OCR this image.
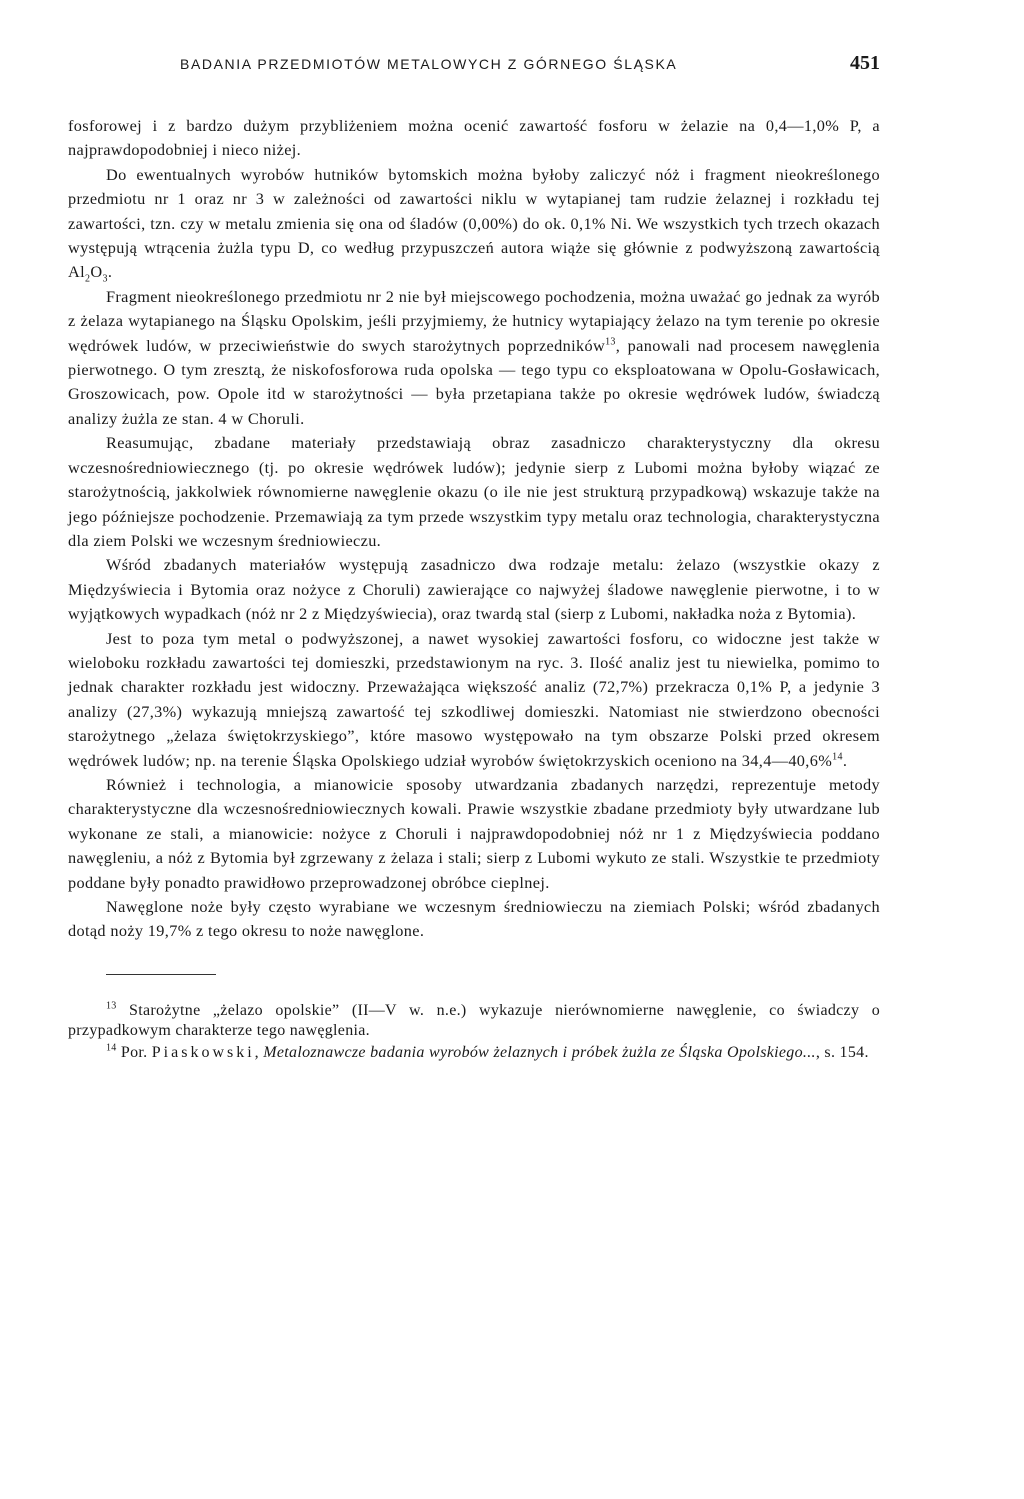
BADANIA PRZEDMIOTÓW METALOWYCH Z GÓRNEGO ŚLĄSKA	451

fosforowej i z bardzo dużym przybliżeniem można ocenić zawartość fosforu w żelazie na 0,4—1,0% P, a najprawdopodobniej i nieco niżej.

Do ewentualnych wyrobów hutników bytomskich można byłoby zaliczyć nóż i fragment nieokreślonego przedmiotu nr 1 oraz nr 3 w zależności od zawartości niklu w wytapianej tam rudzie żelaznej i rozkładu tej zawartości, tzn. czy w metalu zmienia się ona od śladów (0,00%) do ok. 0,1% Ni. We wszystkich tych trzech okazach występują wtrącenia żużla typu D, co według przypuszczeń autora wiąże się głównie z podwyższoną zawartością $Al_2O_3$.

Fragment nieokreślonego przedmiotu nr 2 nie był miejscowego pochodzenia, można uważać go jednak za wyrób z żelaza wytapianego na Śląsku Opolskim, jeśli przyjmiemy, że hutnicy wytapiający żelazo na tym terenie po okresie wędrówek ludów, w przeciwieństwie do swych starożytnych poprzedników$^{13}$, panowali nad procesem nawęglenia pierwotnego. O tym zresztą, że niskofosforowa ruda opolska — tego typu co eksploatowana w Opolu-Gosławicach, Groszowicach, pow. Opole itd w starożytności — była przetapiana także po okresie wędrówek ludów, świadczą analizy żużla ze stan. 4 w Choruli.

Reasumując, zbadane materiały przedstawiają obraz zasadniczo charakterystyczny dla okresu wczesnośredniowiecznego (tj. po okresie wędrówek ludów); jedynie sierp z Lubomi można byłoby wiązać ze starożytnością, jakkolwiek równomierne nawęglenie okazu (o ile nie jest strukturą przypadkową) wskazuje także na jego późniejsze pochodzenie. Przemawiają za tym przede wszystkim typy metalu oraz technologia, charakterystyczna dla ziem Polski we wczesnym średniowieczu.

Wśród zbadanych materiałów występują zasadniczo dwa rodzaje metalu: żelazo (wszystkie okazy z Międzyświecia i Bytomia oraz nożyce z Choruli) zawierające co najwyżej śladowe nawęglenie pierwotne, i to w wyjątkowych wypadkach (nóż nr 2 z Międzyświecia), oraz twardą stal (sierp z Lubomi, nakładka noża z Bytomia).

Jest to poza tym metal o podwyższonej, a nawet wysokiej zawartości fosforu, co widoczne jest także w wieloboku rozkładu zawartości tej domieszki, przedstawionym na ryc. 3. Ilość analiz jest tu niewielka, pomimo to jednak charakter rozkładu jest widoczny. Przeważająca większość analiz (72,7%) przekracza 0,1% P, a jedynie 3 analizy (27,3%) wykazują mniejszą zawartość tej szkodliwej domieszki. Natomiast nie stwierdzono obecności starożytnego „żelaza świętokrzyskiego”, które masowo występowało na tym obszarze Polski przed okresem wędrówek ludów; np. na terenie Śląska Opolskiego udział wyrobów świętokrzyskich oceniono na 34,4—40,6%$^{14}$.

Również i technologia, a mianowicie sposoby utwardzania zbadanych narzędzi, reprezentuje metody charakterystyczne dla wczesnośredniowiecznych kowali. Prawie wszystkie zbadane przedmioty były utwardzane lub wykonane ze stali, a mianowicie: nożyce z Choruli i najprawdopodobniej nóż nr 1 z Międzyświecia poddano nawęgleniu, a nóż z Bytomia był zgrzewany z żelaza i stali; sierp z Lubomi wykuto ze stali. Wszystkie te przedmioty poddane były ponadto prawidłowo przeprowadzonej obróbce cieplnej.

Nawęglone noże były często wyrabiane we wczesnym średniowieczu na ziemiach Polski; wśród zbadanych dotąd noży 19,7% z tego okresu to noże nawęglone.

$^{13}$ Starożytne „żelazo opolskie” (II—V w. n.e.) wykazuje nierównomierne nawęglenie, co świadczy o przypadkowym charakterze tego nawęglenia.

$^{14}$ Por. Piaskowski, Metaloznawcze badania wyrobów żelaznych i próbek żużla ze Śląska Opolskiego..., s. 154.
